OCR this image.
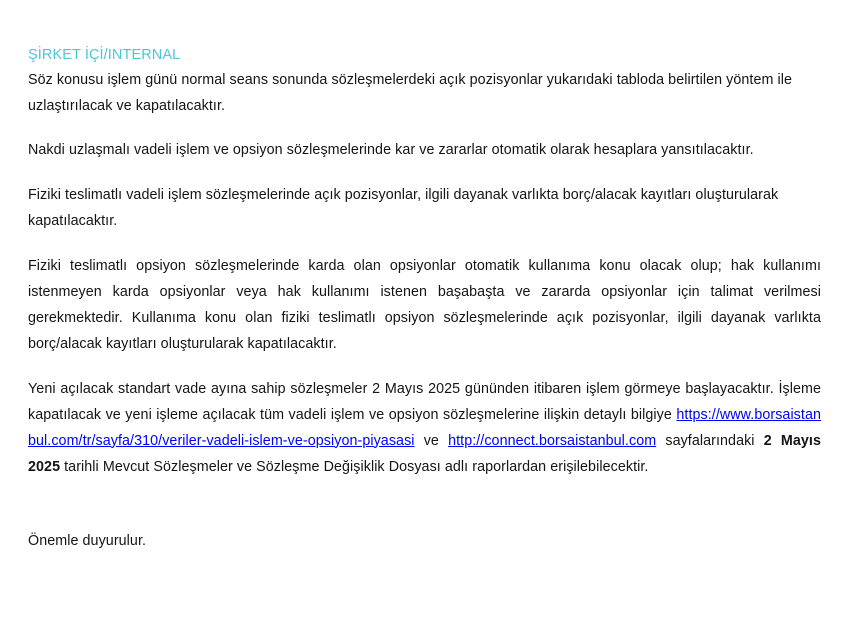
ŞİRKET İÇİ/INTERNAL

Söz konusu işlem günü normal seans sonunda sözleşmelerdeki açık pozisyonlar yukarıdaki tabloda belirtilen yöntem ile uzlaştırılacak ve kapatılacaktır.

Nakdi uzlaşmalı vadeli işlem ve opsiyon sözleşmelerinde kar ve zararlar otomatik olarak hesaplara yansıtılacaktır.

Fiziki teslimatlı vadeli işlem sözleşmelerinde açık pozisyonlar, ilgili dayanak varlıkta borç/alacak kayıtları oluşturularak kapatılacaktır.

Fiziki teslimatlı opsiyon sözleşmelerinde karda olan opsiyonlar otomatik kullanıma konu olacak olup; hak kullanımı istenmeyen karda opsiyonlar veya hak kullanımı istenen başabaşta ve zararda opsiyonlar için talimat verilmesi gerekmektedir. Kullanıma konu olan fiziki teslimatlı opsiyon sözleşmelerinde açık pozisyonlar, ilgili dayanak varlıkta borç/alacak kayıtları oluşturularak kapatılacaktır.

Yeni açılacak standart vade ayına sahip sözleşmeler 2 Mayıs 2025 gününden itibaren işlem görmeye başlayacaktır. İşleme kapatılacak ve yeni işleme açılacak tüm vadeli işlem ve opsiyon sözleşmelerine ilişkin detaylı bilgiye https://www.borsaistanbul.com/tr/sayfa/310/veriler-vadeli-islem-ve-opsiyon-piyasasi ve http://connect.borsaistanbul.com sayfalarındaki 2 Mayıs 2025 tarihli Mevcut Sözleşmeler ve Sözleşme Değişiklik Dosyası adlı raporlardan erişilebilecektir.

Önemle duyurulur.
